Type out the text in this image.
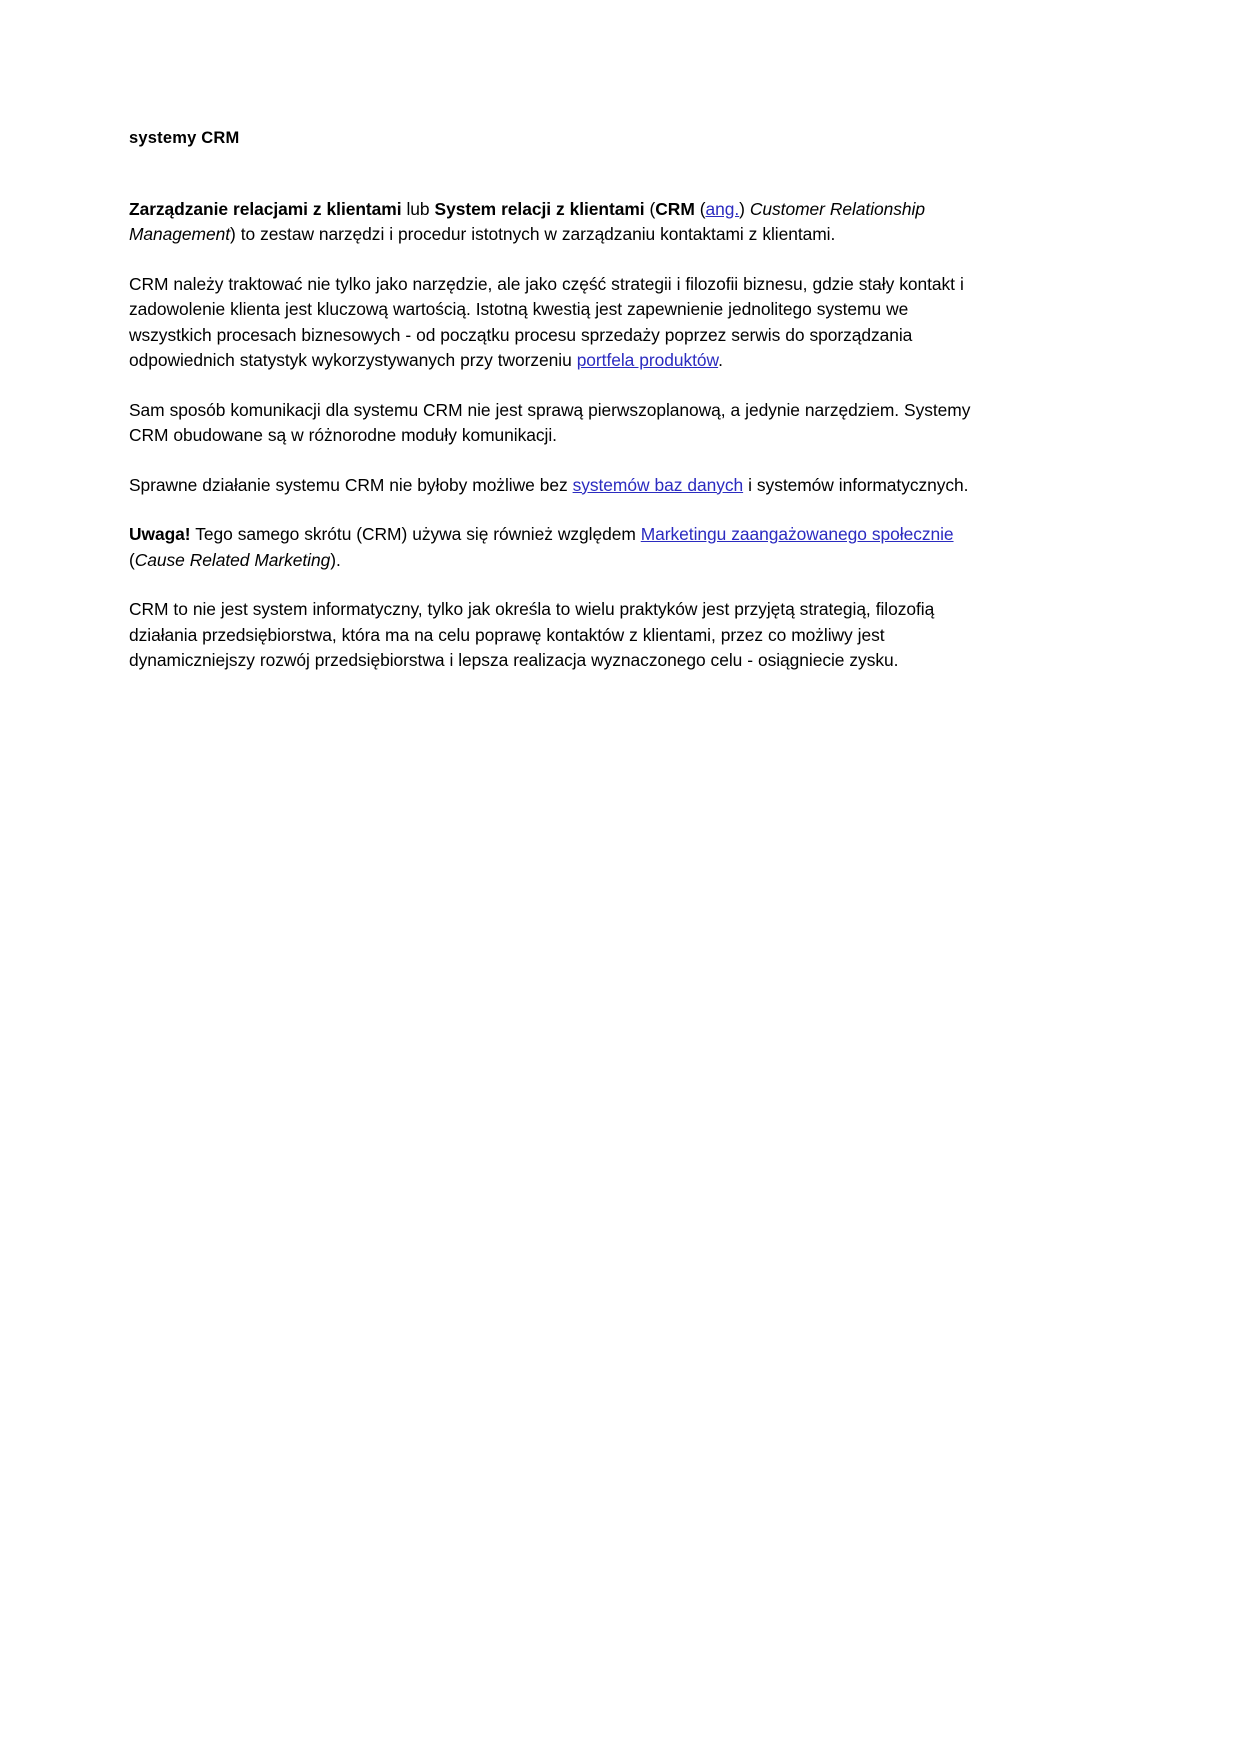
systemy CRM

Zarządzanie relacjami z klientami lub System relacji z klientami (CRM (ang.) Customer Relationship Management) to zestaw narzędzi i procedur istotnych w zarządzaniu kontaktami z klientami.

CRM należy traktować nie tylko jako narzędzie, ale jako część strategii i filozofii biznesu, gdzie stały kontakt i zadowolenie klienta jest kluczową wartością. Istotną kwestią jest zapewnienie jednolitego systemu we wszystkich procesach biznesowych - od początku procesu sprzedaży poprzez serwis do sporządzania odpowiednich statystyk wykorzystywanych przy tworzeniu portfela produktów.

Sam sposób komunikacji dla systemu CRM nie jest sprawą pierwszoplanową, a jedynie narzędziem. Systemy CRM obudowane są w różnorodne moduły komunikacji.

Sprawne działanie systemu CRM nie byłoby możliwe bez systemów baz danych i systemów informatycznych.

Uwaga! Tego samego skrótu (CRM) używa się również względem Marketingu zaangażowanego społecznie (Cause Related Marketing).

CRM to nie jest system informatyczny, tylko jak określa to wielu praktyków jest przyjętą strategią, filozofią działania przedsiębiorstwa, która ma na celu poprawę kontaktów z klientami, przez co możliwy jest dynamiczniejszy rozwój przedsiębiorstwa i lepsza realizacja wyznaczonego celu - osiągniecie zysku.
